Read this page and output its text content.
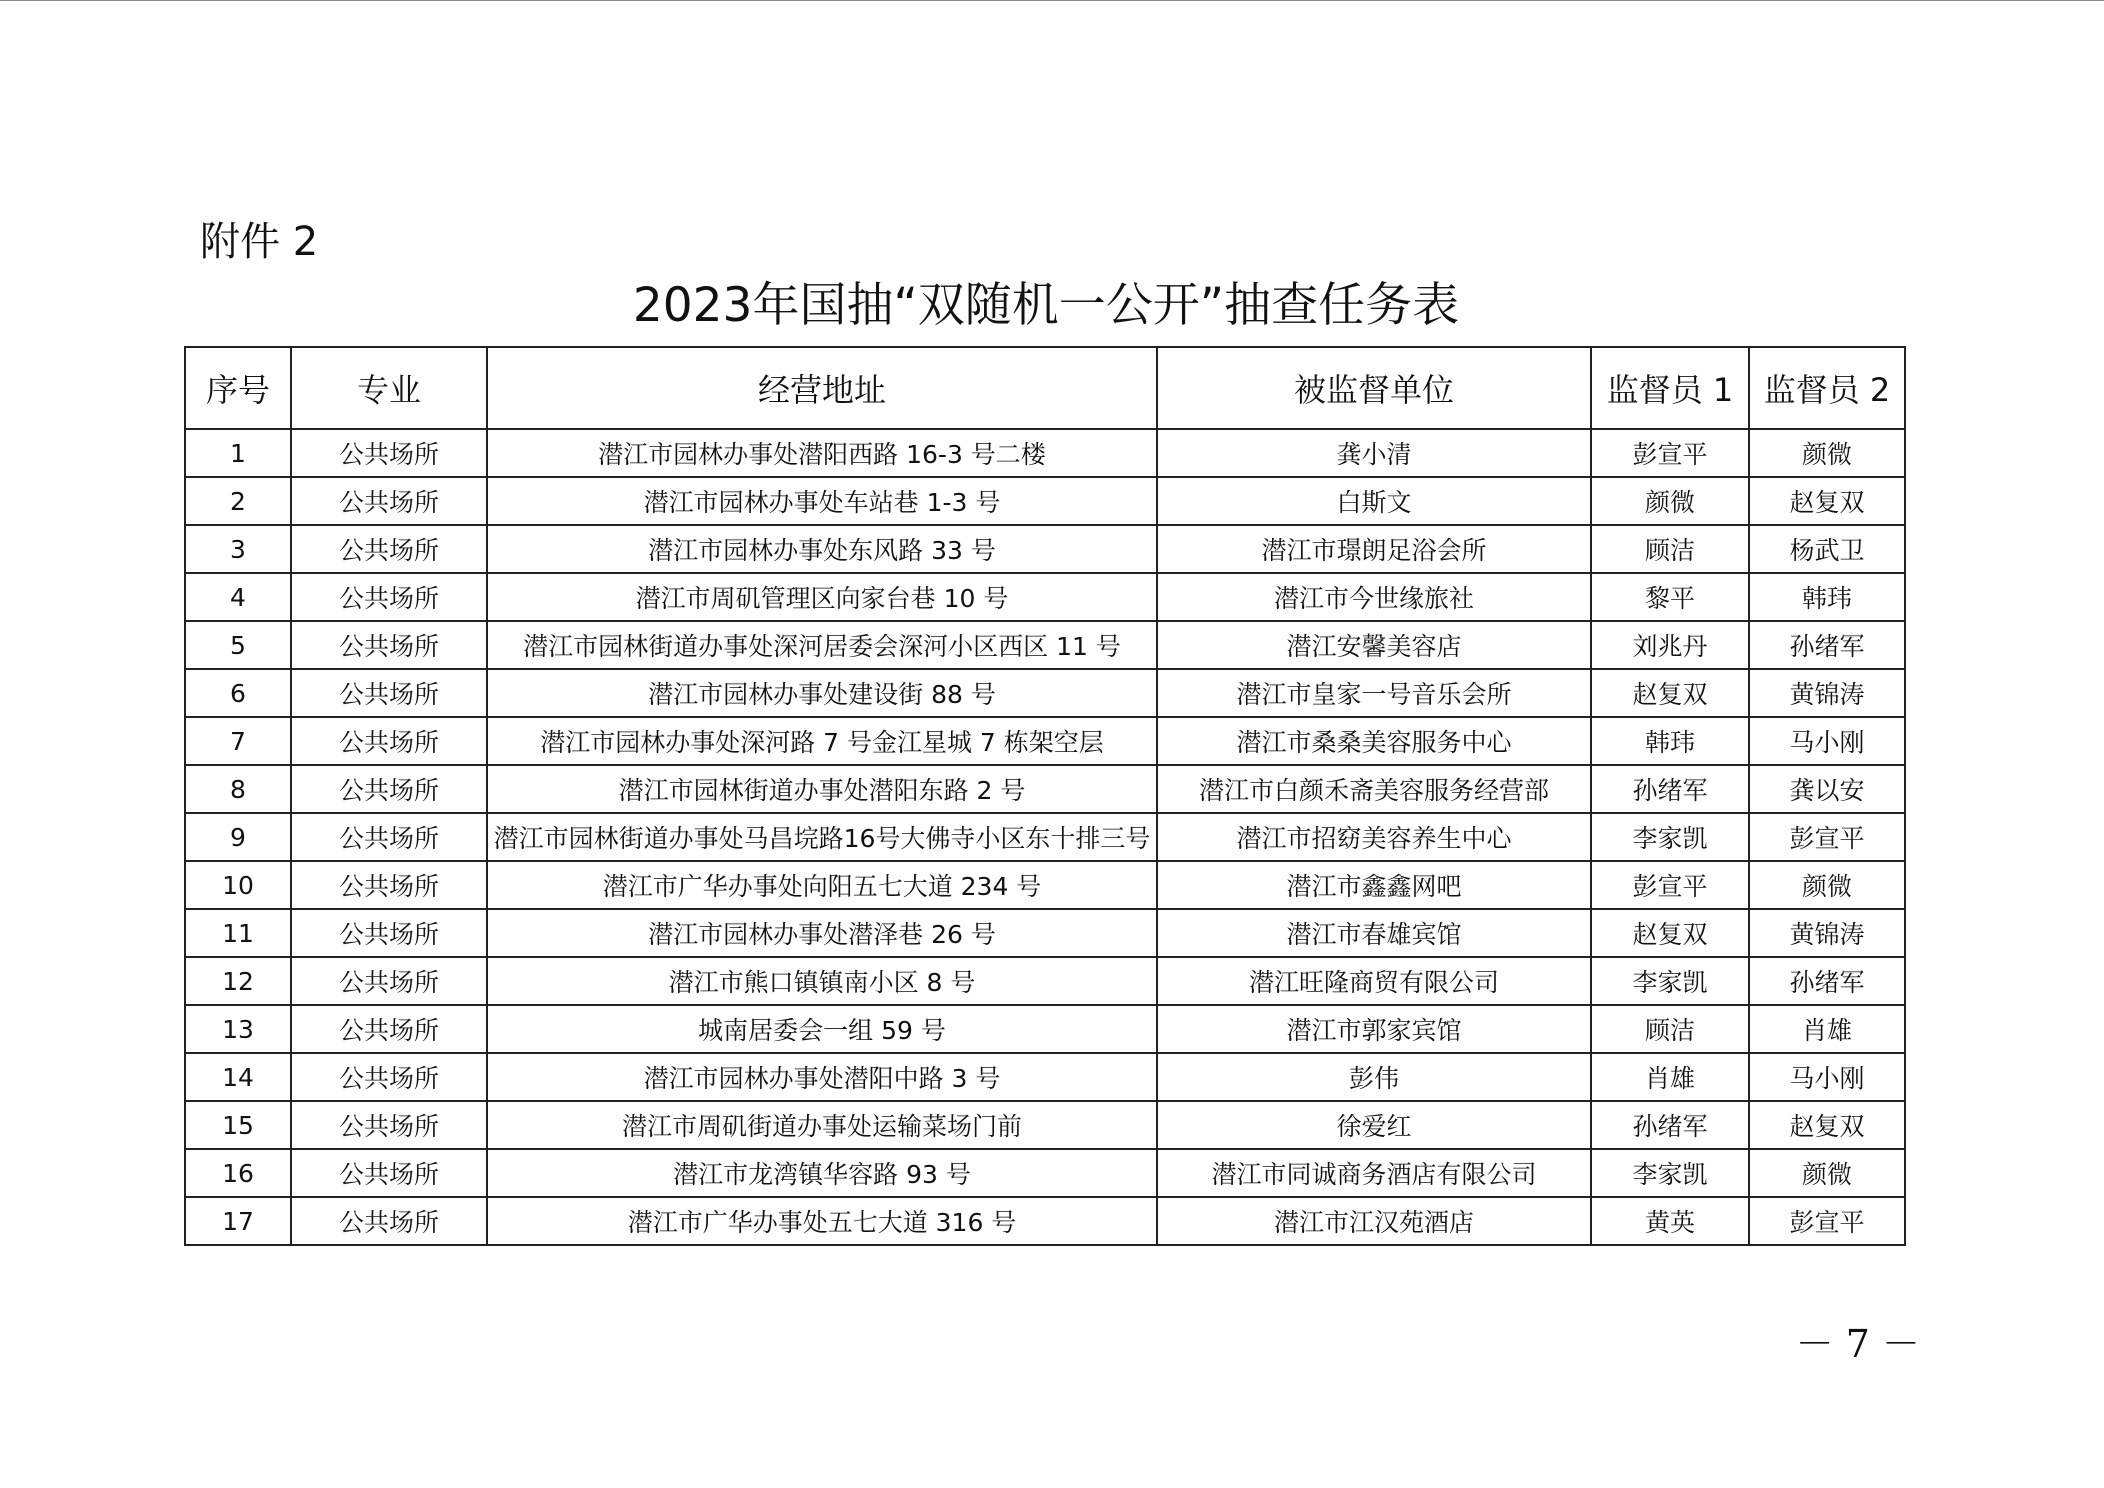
附件 2
2023年国抽“双随机一公开”抽查任务表
序号	专业	经营地址	被监督单位	监督员 1	监督员 2
1	公共场所	潜江市园林办事处潜阳西路 16-3 号二楼	龚小清	彭宣平	颜微
2	公共场所	潜江市园林办事处车站巷 1-3 号	白斯文	颜微	赵复双
3	公共场所	潜江市园林办事处东风路 33 号	潜江市璟朗足浴会所	顾洁	杨武卫
4	公共场所	潜江市周矶管理区向家台巷 10 号	潜江市今世缘旅社	黎平	韩玮
5	公共场所	潜江市园林街道办事处深河居委会深河小区西区 11 号	潜江安馨美容店	刘兆丹	孙绪军
6	公共场所	潜江市园林办事处建设街 88 号	潜江市皇家一号音乐会所	赵复双	黄锦涛
7	公共场所	潜江市园林办事处深河路 7 号金江星城 7 栋架空层	潜江市桑桑美容服务中心	韩玮	马小刚
8	公共场所	潜江市园林街道办事处潜阳东路 2 号	潜江市白颜禾斋美容服务经营部	孙绪军	龚以安
9	公共场所	潜江市园林街道办事处马昌垸路16号大佛寺小区东十排三号	潜江市招窈美容养生中心	李家凯	彭宣平
10	公共场所	潜江市广华办事处向阳五七大道 234 号	潜江市鑫鑫网吧	彭宣平	颜微
11	公共场所	潜江市园林办事处潜泽巷 26 号	潜江市春雄宾馆	赵复双	黄锦涛
12	公共场所	潜江市熊口镇镇南小区 8 号	潜江旺隆商贸有限公司	李家凯	孙绪军
13	公共场所	城南居委会一组 59 号	潜江市郭家宾馆	顾洁	肖雄
14	公共场所	潜江市园林办事处潜阳中路 3 号	彭伟	肖雄	马小刚
15	公共场所	潜江市周矶街道办事处运输菜场门前	徐爱红	孙绪军	赵复双
16	公共场所	潜江市龙湾镇华容路 93 号	潜江市同诚商务酒店有限公司	李家凯	颜微
17	公共场所	潜江市广华办事处五七大道 316 号	潜江市江汉苑酒店	黄英	彭宣平
－ 7 －
